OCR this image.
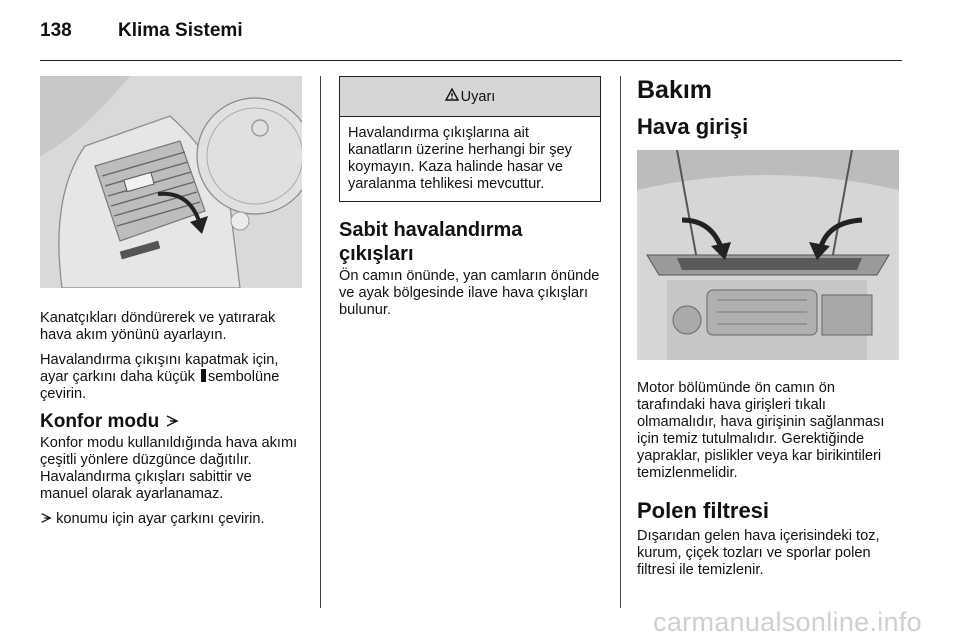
138	Klima Sistemi

Kanatçıkları döndürerek ve yatırarak hava akım yönünü ayarlayın.

Havalandırma çıkışını kapatmak için, ayar çarkını daha küçük sembolüne çevirin.

Konfor modu

Konfor modu kullanıldığında hava akımı çeşitli yönlere düzgünce dağıtılır. Havalandırma çıkışları sabittir ve manuel olarak ayarlanamaz.

konumu için ayar çarkını çevirin.

Uyarı
Havalandırma çıkışlarına ait kanatların üzerine herhangi bir şey koymayın. Kaza halinde hasar ve yaralanma tehlikesi mevcuttur.
Sabit havalandırma çıkışları

Ön camın önünde, yan camların önünde ve ayak bölgesinde ilave hava çıkışları bulunur.

Bakım
Hava girişi

Motor bölümünde ön camın ön tarafındaki hava girişleri tıkalı olmamalıdır, hava girişinin sağlanması için temiz tutulmalıdır. Gerektiğinde yapraklar, pislikler veya kar birikintileri temizlenmelidir.

Polen filtresi

Dışarıdan gelen hava içerisindeki toz, kurum, çiçek tozları ve sporlar polen filtresi ile temizlenir.

carmanualsonline.info
